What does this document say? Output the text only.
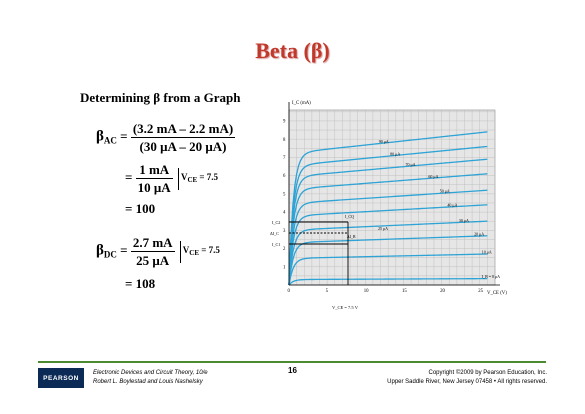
Beta (β)
Determining β from a Graph
$\beta_{AC} = \frac{(3.2 mA - 2.2 mA)}{(30 \mu A - 20 \mu A)}$
= $\frac{1 mA}{10 \mu A} V_{CE} = 7.5$
= 100
$\beta_{DC} = \frac{2.7 mA}{25 \mu A} V_{CE} = 7.5$
= 108
I_C (mA)
V_CE (V)
9
8
7
6
5
4
3
2
1
0	5	10	15	20	25
90 μA
80 μA
70 μA
60 μA
50 μA
40 μA
30 μA
20 μA
10 μA
I_B = 0 μA
I_C2
ΔI_C
I_C1
I_CQ
ΔI_B
25 μA
V_CE = 7.5 V
PEARSON
Electronic Devices and Circuit Theory, 10/e
Robert L. Boylestad and Louis Nashelsky
16	Copyright ©2009 by Pearson Education, Inc.
Upper Saddle River, New Jersey 07458 • All rights reserved.
